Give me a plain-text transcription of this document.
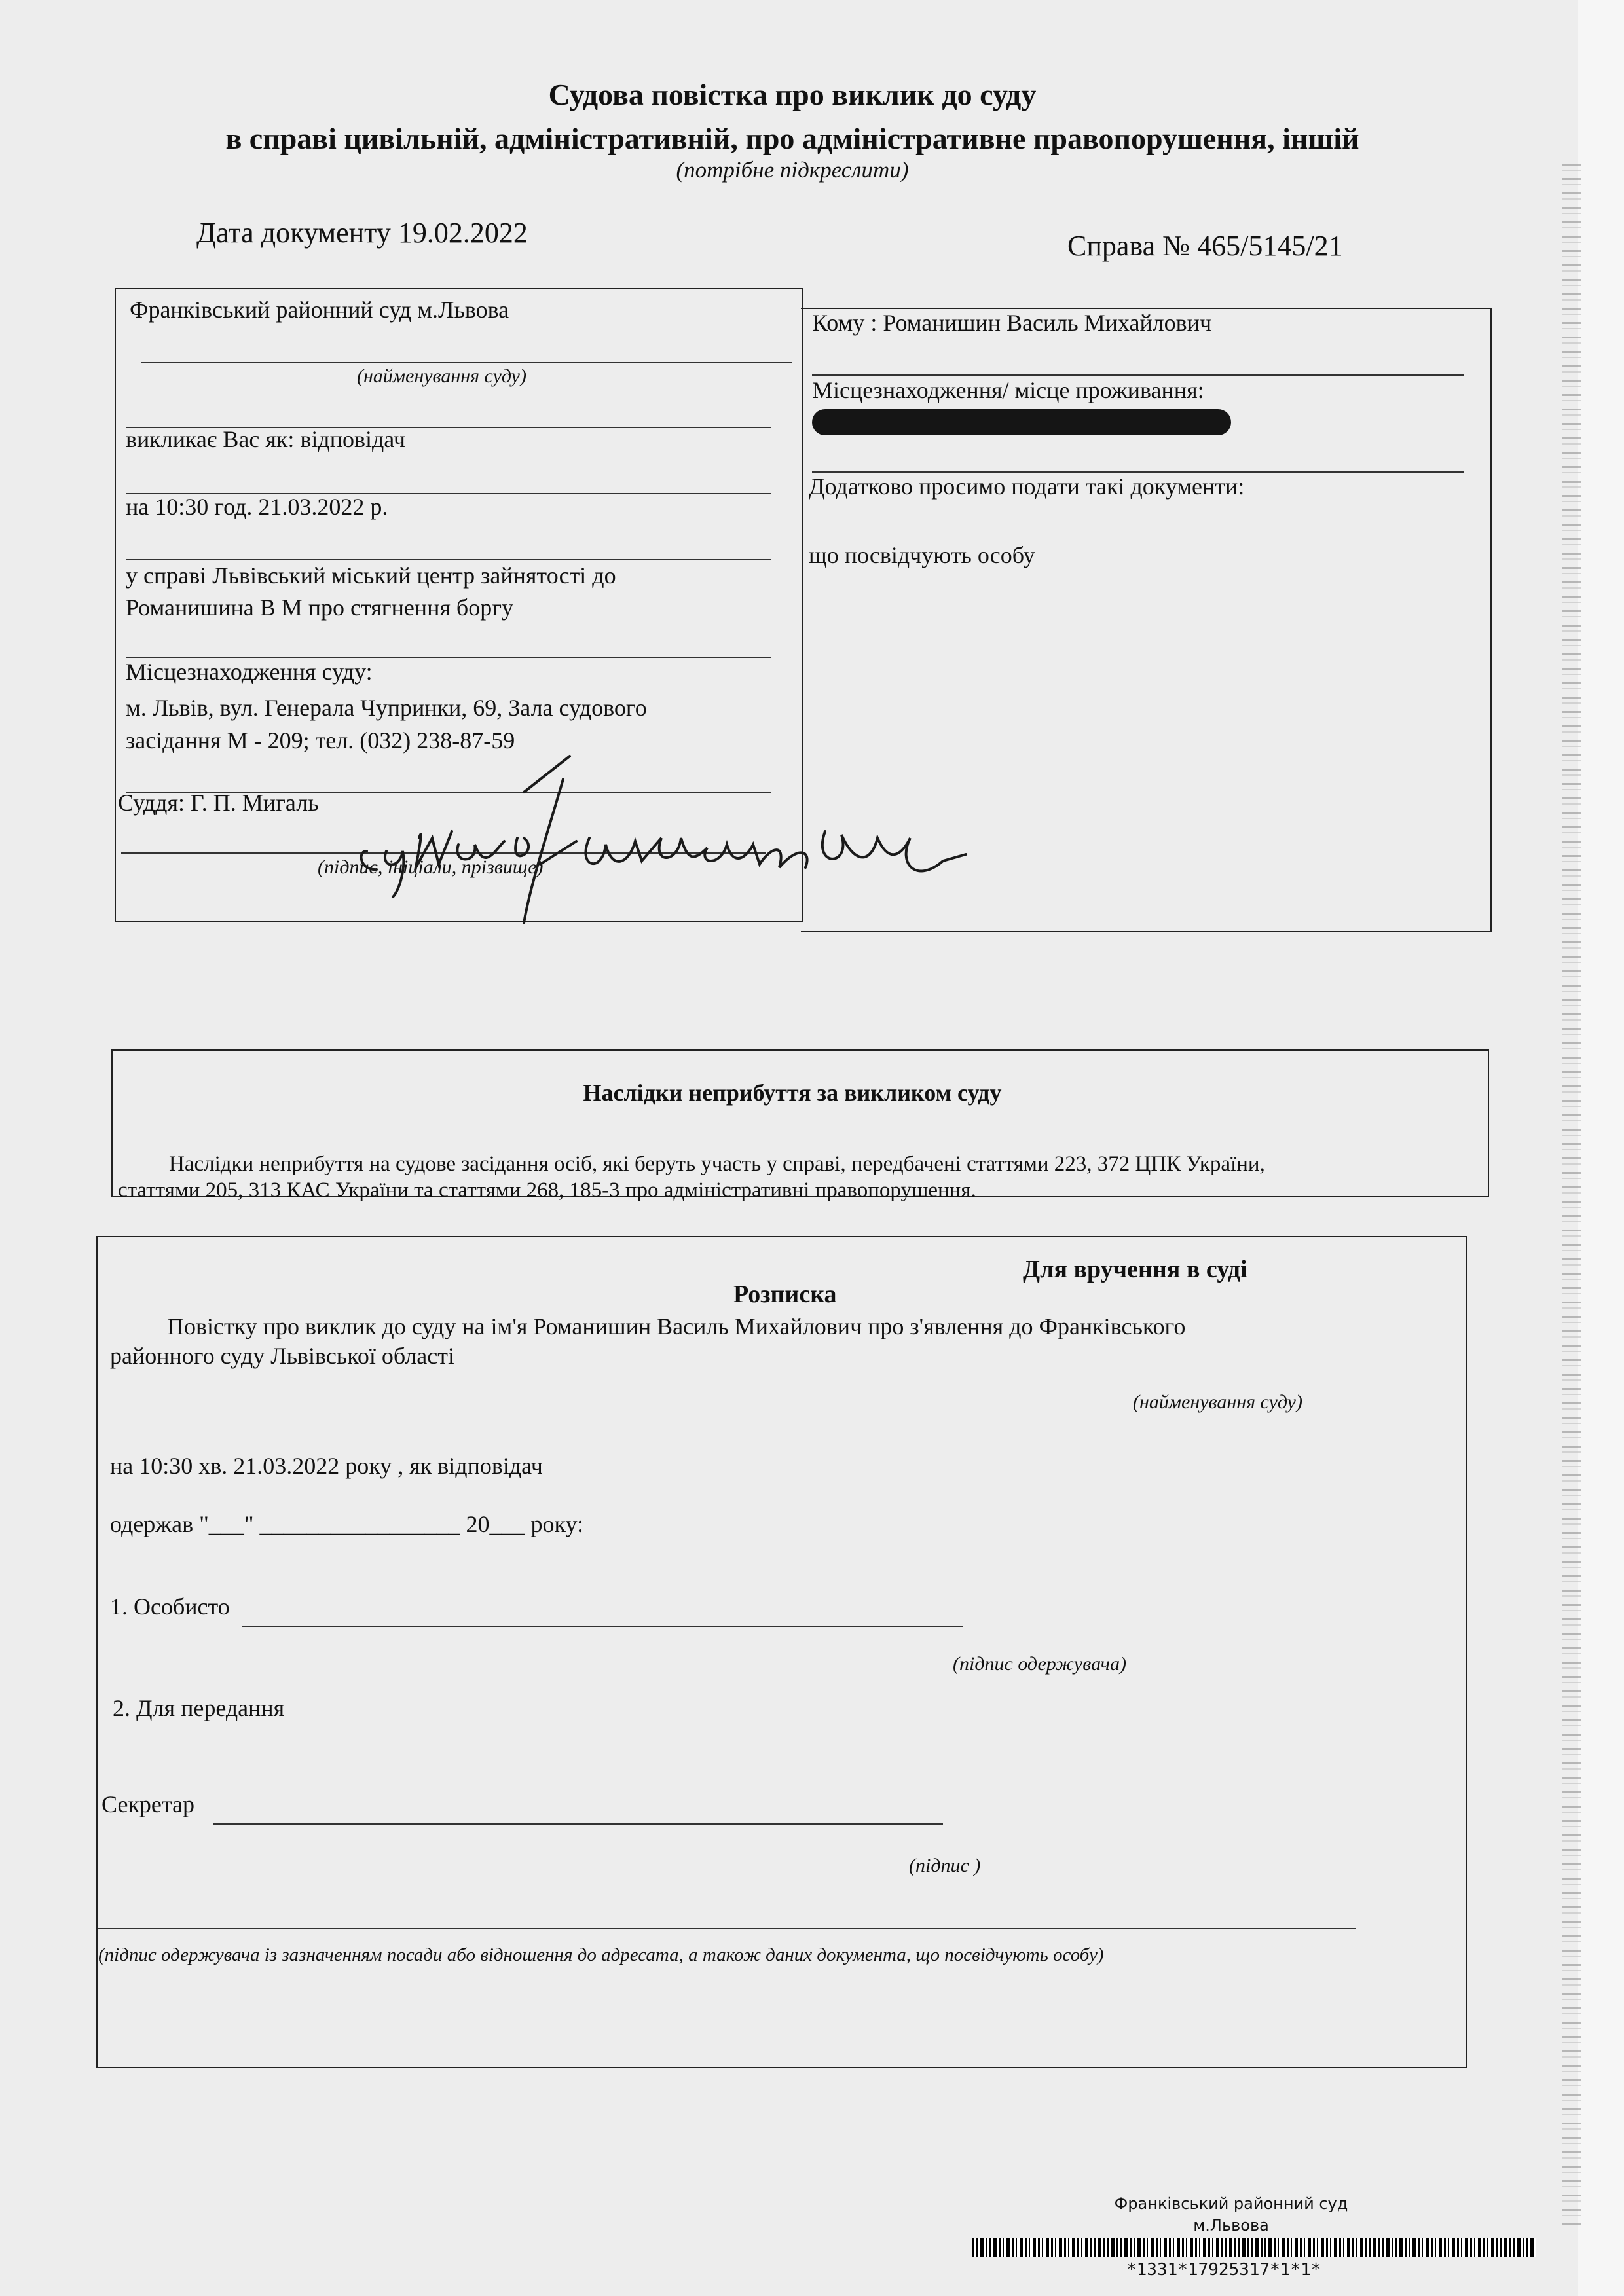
Судова повістка про виклик до суду
в справі цивільній, адміністративній, про адміністративне правопорушення, іншій
(потрібне підкреслити)
Дата документу 19.02.2022	Справа № 465/5145/21
Франківський районний суд м.Львова
(найменування суду)
викликає Вас як: відповідач
на 10:30 год. 21.03.2022 р.
у справі Львівський міський центр зайнятості до
Романишина В М про стягнення боргу
Місцезнаходження суду:
м. Львів, вул. Генерала Чупринки, 69, Зала судового
засідання М - 209; тел. (032) 238-87-59
Суддя: Г. П. Мигаль
(підпис, ініціали, прізвище)
Кому : Романишин Василь Михайлович
Місцезнаходження/ місце проживання:
Додатково просимо подати такі документи:
що посвідчують особу
Наслідки неприбуття за викликом суду
Наслідки неприбуття на судове засідання осіб, які беруть участь у справі, передбачені статтями 223, 372 ЦПК України,
статтями 205, 313 КАС України та статтями 268, 185-3 про адміністративні правопорушення.
Для вручення в суді
Розписка
Повістку про виклик до суду на ім'я Романишин Василь Михайлович про з'явлення до Франківського
районного суду Львівської області
(найменування суду)
на 10:30 хв. 21.03.2022 року , як відповідач
одержав "___" _________________ 20___ року:
1. Особисто
(підпис одержувача)
2. Для передання
Секретар
(підпис )
(підпис одержувача із зазначенням посади або відношення до адресата, а також даних документа, що посвідчують особу)
Франківський районний суд
м.Львова
*1331*17925317*1*1*
